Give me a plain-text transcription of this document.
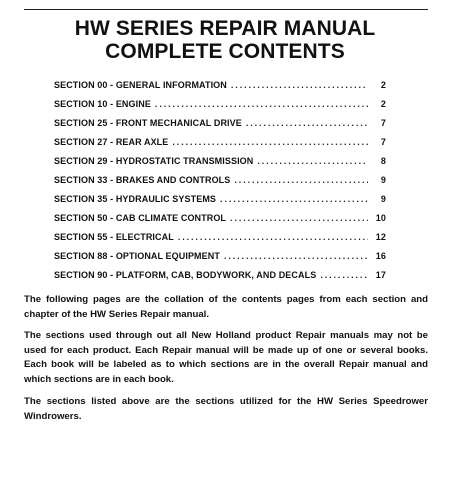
HW SERIES REPAIR MANUAL
COMPLETE CONTENTS
SECTION 00 - GENERAL INFORMATION . . .	2
SECTION 10 - ENGINE . . .	2
SECTION 25 - FRONT MECHANICAL DRIVE . . .	7
SECTION 27 - REAR AXLE . . .	7
SECTION 29 - HYDROSTATIC TRANSMISSION . . .	8
SECTION 33 - BRAKES AND CONTROLS . . .	9
SECTION 35 - HYDRAULIC SYSTEMS . . .	9
SECTION 50 - CAB CLIMATE CONTROL . . .	10
SECTION 55 - ELECTRICAL . . .	12
SECTION 88 - OPTIONAL EQUIPMENT . . .	16
SECTION 90 - PLATFORM, CAB, BODYWORK, AND DECALS . . .	17
The following pages are the collation of the contents pages from each section and chapter of the HW Series Repair manual.
The sections used through out all New Holland product Repair manuals may not be used for each product. Each Repair manual will be made up of one or several books. Each book will be labeled as to which sections are in the overall Repair manual and which sections are in each book.
The sections listed above are the sections utilized for the HW Series Speedrower Windrowers.
